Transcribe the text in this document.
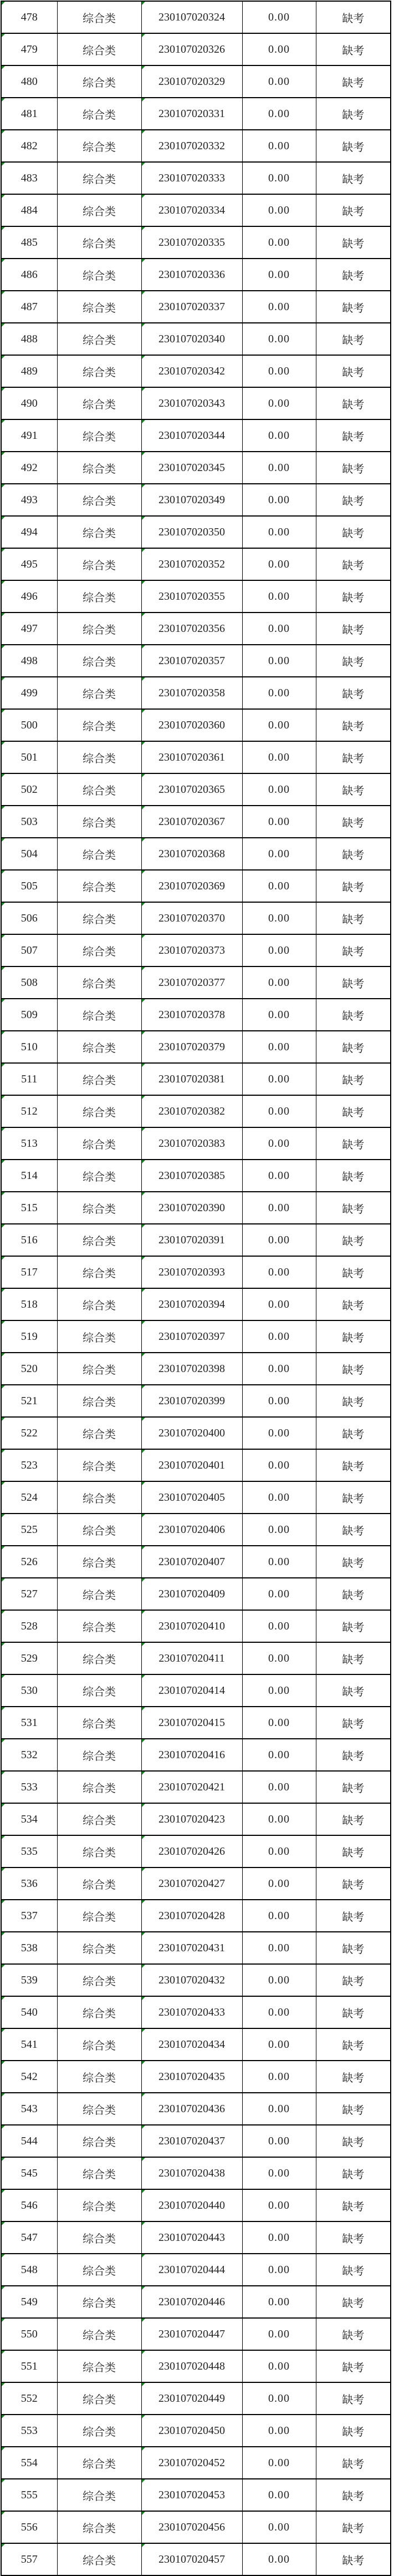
478	综合类	230107020324	0.00	缺考

479	综合类	230107020326	0.00	缺考

480	综合类	230107020329	0.00	缺考

481	综合类	230107020331	0.00	缺考

482	综合类	230107020332	0.00	缺考

483	综合类	230107020333	0.00	缺考

484	综合类	230107020334	0.00	缺考

485	综合类	230107020335	0.00	缺考

486	综合类	230107020336	0.00	缺考

487	综合类	230107020337	0.00	缺考

488	综合类	230107020340	0.00	缺考

489	综合类	230107020342	0.00	缺考

490	综合类	230107020343	0.00	缺考

491	综合类	230107020344	0.00	缺考

492	综合类	230107020345	0.00	缺考

493	综合类	230107020349	0.00	缺考

494	综合类	230107020350	0.00	缺考

495	综合类	230107020352	0.00	缺考

496	综合类	230107020355	0.00	缺考

497	综合类	230107020356	0.00	缺考

498	综合类	230107020357	0.00	缺考

499	综合类	230107020358	0.00	缺考

500	综合类	230107020360	0.00	缺考

501	综合类	230107020361	0.00	缺考

502	综合类	230107020365	0.00	缺考

503	综合类	230107020367	0.00	缺考

504	综合类	230107020368	0.00	缺考

505	综合类	230107020369	0.00	缺考

506	综合类	230107020370	0.00	缺考

507	综合类	230107020373	0.00	缺考

508	综合类	230107020377	0.00	缺考

509	综合类	230107020378	0.00	缺考

510	综合类	230107020379	0.00	缺考

511	综合类	230107020381	0.00	缺考

512	综合类	230107020382	0.00	缺考

513	综合类	230107020383	0.00	缺考

514	综合类	230107020385	0.00	缺考

515	综合类	230107020390	0.00	缺考

516	综合类	230107020391	0.00	缺考

517	综合类	230107020393	0.00	缺考

518	综合类	230107020394	0.00	缺考

519	综合类	230107020397	0.00	缺考

520	综合类	230107020398	0.00	缺考

521	综合类	230107020399	0.00	缺考

522	综合类	230107020400	0.00	缺考

523	综合类	230107020401	0.00	缺考

524	综合类	230107020405	0.00	缺考

525	综合类	230107020406	0.00	缺考

526	综合类	230107020407	0.00	缺考

527	综合类	230107020409	0.00	缺考

528	综合类	230107020410	0.00	缺考

529	综合类	230107020411	0.00	缺考

530	综合类	230107020414	0.00	缺考

531	综合类	230107020415	0.00	缺考

532	综合类	230107020416	0.00	缺考

533	综合类	230107020421	0.00	缺考

534	综合类	230107020423	0.00	缺考

535	综合类	230107020426	0.00	缺考

536	综合类	230107020427	0.00	缺考

537	综合类	230107020428	0.00	缺考

538	综合类	230107020431	0.00	缺考

539	综合类	230107020432	0.00	缺考

540	综合类	230107020433	0.00	缺考

541	综合类	230107020434	0.00	缺考

542	综合类	230107020435	0.00	缺考

543	综合类	230107020436	0.00	缺考

544	综合类	230107020437	0.00	缺考

545	综合类	230107020438	0.00	缺考

546	综合类	230107020440	0.00	缺考

547	综合类	230107020443	0.00	缺考

548	综合类	230107020444	0.00	缺考

549	综合类	230107020446	0.00	缺考

550	综合类	230107020447	0.00	缺考

551	综合类	230107020448	0.00	缺考

552	综合类	230107020449	0.00	缺考

553	综合类	230107020450	0.00	缺考

554	综合类	230107020452	0.00	缺考

555	综合类	230107020453	0.00	缺考

556	综合类	230107020456	0.00	缺考

557	综合类	230107020457	0.00	缺考
